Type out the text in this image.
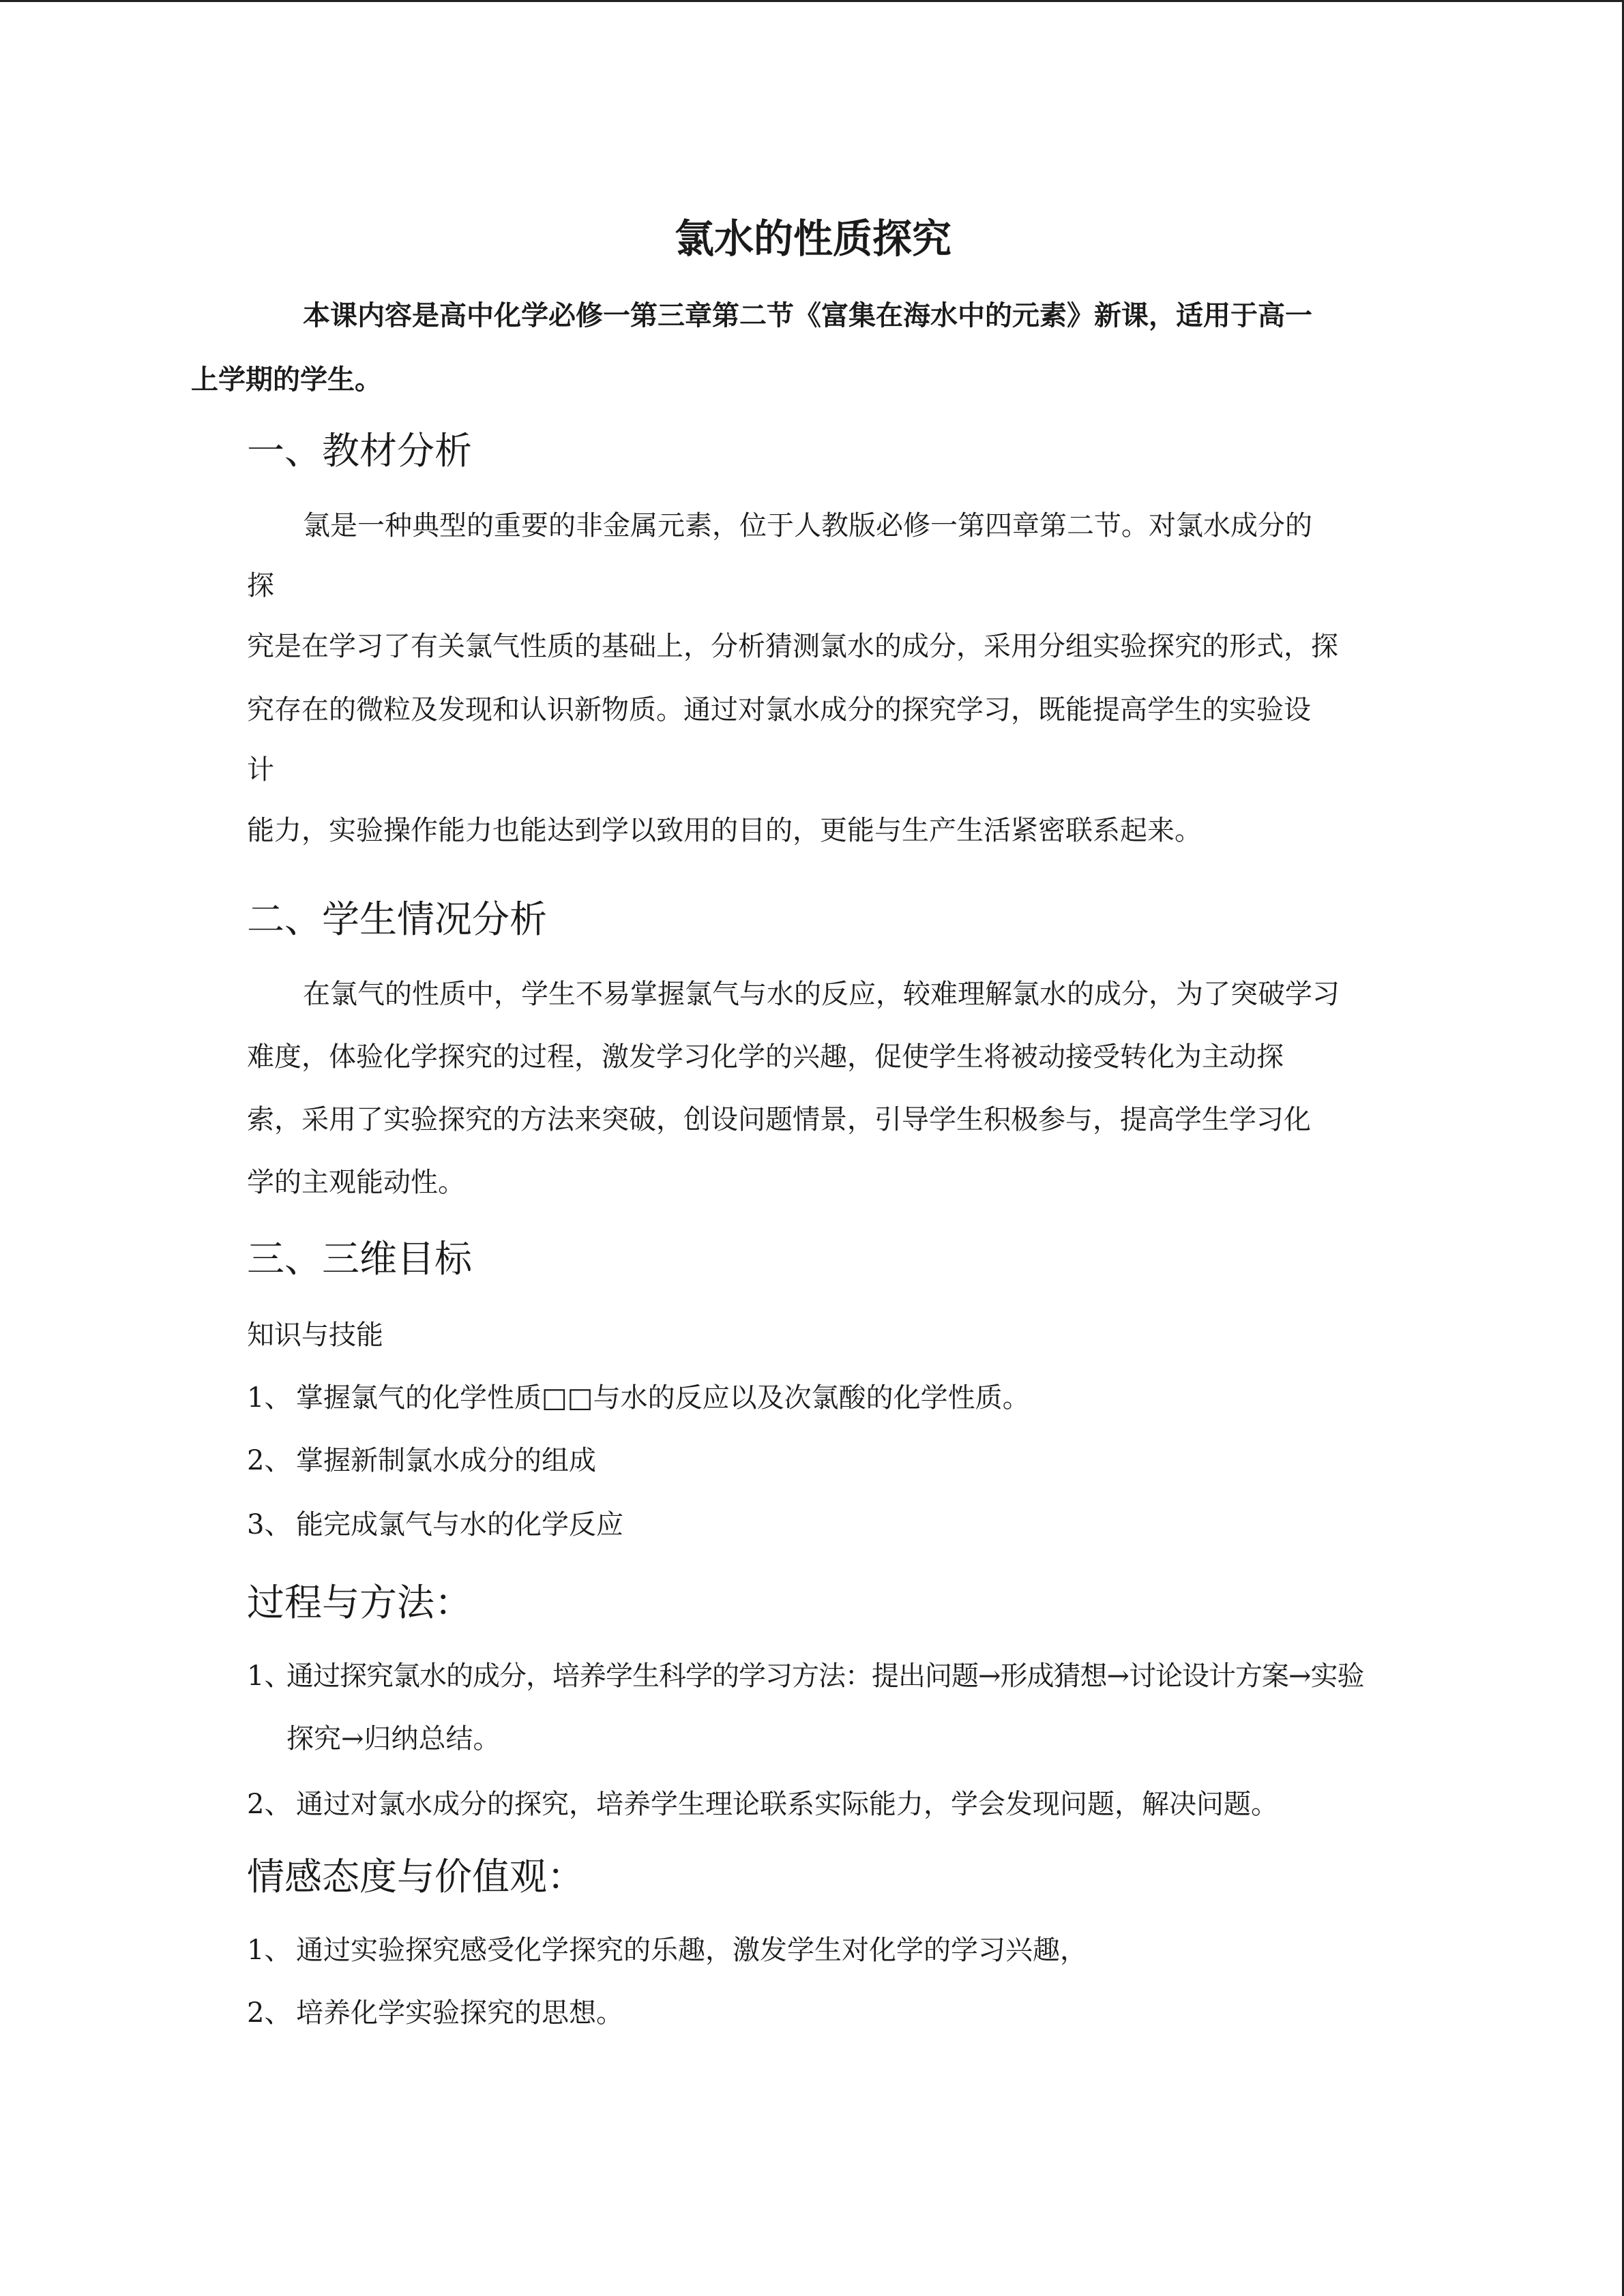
氯水的性质探究
本课内容是高中化学必修一第三章第二节《富集在海水中的元素》新课，适用于高一
上学期的学生。
一、教材分析
氯是一种典型的重要的非金属元素，位于人教版必修一第四章第二节。对氯水成分的
探
究是在学习了有关氯气性质的基础上，分析猜测氯水的成分，采用分组实验探究的形式，探
究存在的微粒及发现和认识新物质。通过对氯水成分的探究学习，既能提高学生的实验设
计
能力，实验操作能力也能达到学以致用的目的，更能与生产生活紧密联系起来。
二、学生情况分析
在氯气的性质中，学生不易掌握氯气与水的反应，较难理解氯水的成分，为了突破学习
难度，体验化学探究的过程，激发学习化学的兴趣，促使学生将被动接受转化为主动探
索，采用了实验探究的方法来突破，创设问题情景，引导学生积极参与，提高学生学习化
学的主观能动性。
三、三维目标
知识与技能
1、 掌握氯气的化学性质□□与水的反应以及次氯酸的化学性质。
2、 掌握新制氯水成分的组成
3、 能完成氯气与水的化学反应
过程与方法：
1、通过探究氯水的成分，培养学生科学的学习方法：提出问题→形成猜想→讨论设计方案→实验
探究→归纳总结。
2、 通过对氯水成分的探究，培养学生理论联系实际能力，学会发现问题，解决问题。
情感态度与价值观：
1、 通过实验探究感受化学探究的乐趣，激发学生对化学的学习兴趣，
2、 培养化学实验探究的思想。
